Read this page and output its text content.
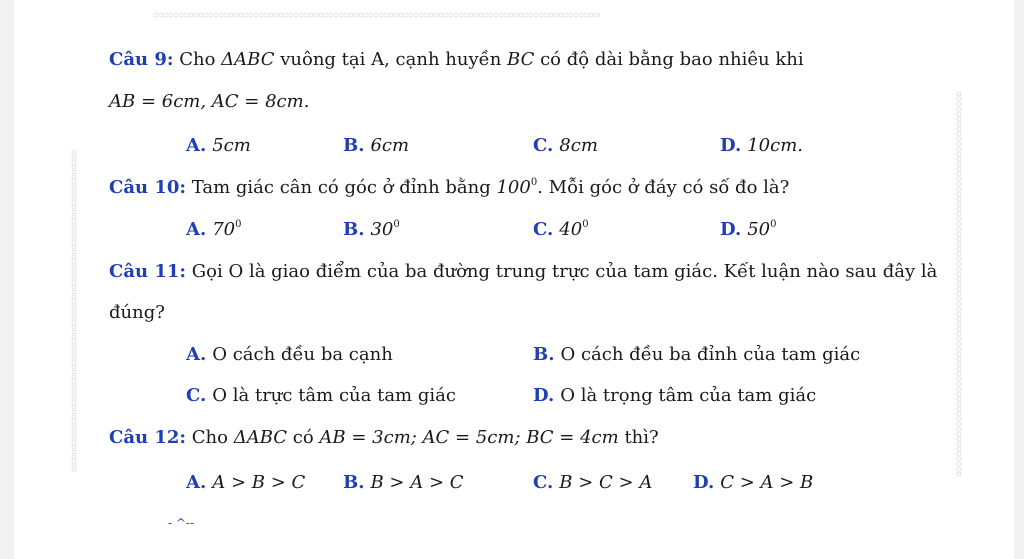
Câu 9: Cho ΔABC vuông tại A, cạnh huyền BC có độ dài bằng bao nhiêu khi
AB = 6cm, AC = 8cm.
A. 5cm	B. 6cm	C. 8cm	D. 10cm.
Câu 10: Tam giác cân có góc ở đỉnh bằng $100^0$. Mỗi góc ở đáy có số đo là?
A. $70^0$	B. $30^0$	C. $40^0$	D. $50^0$
Câu 11: Gọi O là giao điểm của ba đường trung trực của tam giác. Kết luận nào sau đây là
đúng?
A. O cách đều ba cạnh	B. O cách đều ba đỉnh của tam giác
C. O là trực tâm của tam giác	D. O là trọng tâm của tam giác
Câu 12: Cho ΔABC có AB = 3cm; AC = 5cm; BC = 4cm thì?
A. A > B > C B. B > A > C	C. B > C > A D. C > A > B
- ^--
